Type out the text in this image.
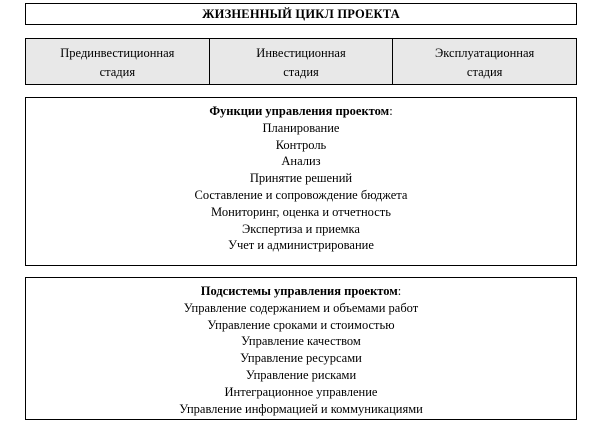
ЖИЗНЕННЫЙ ЦИКЛ ПРОЕКТА
Прединвестиционная
стадия
Инвестиционная
стадия
Эксплуатационная
стадия
Функции управления проектом:
Планирование
Контроль
Анализ
Принятие решений
Составление и сопровождение бюджета
Мониторинг, оценка и отчетность
Экспертиза и приемка
Учет и администрирование
Подсистемы управления проектом:
Управление содержанием и объемами работ
Управление сроками и стоимостью
Управление качеством
Управление ресурсами
Управление рисками
Интеграционное управление
Управление информацией и коммуникациями
